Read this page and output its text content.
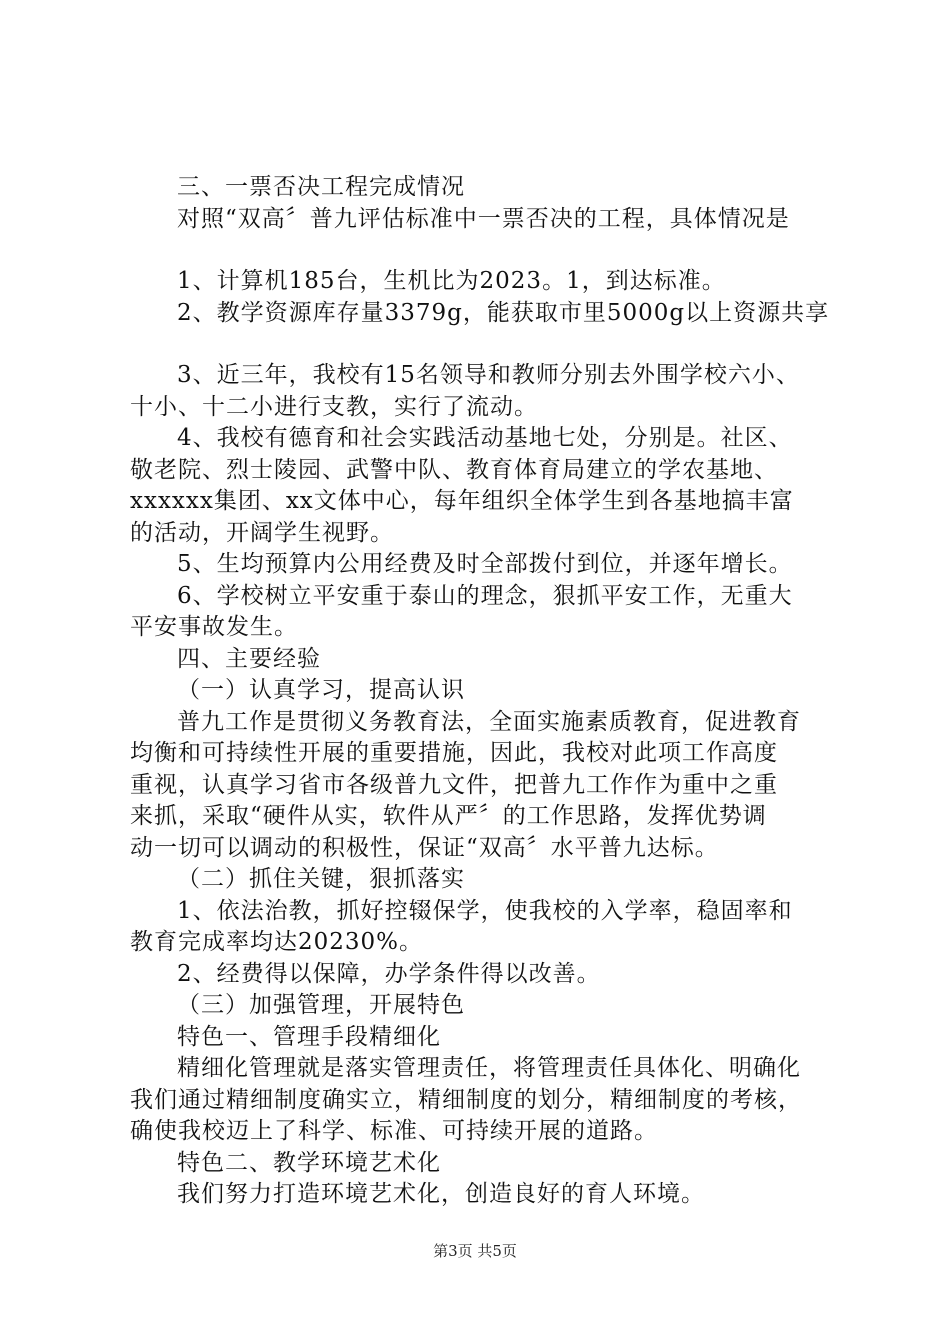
三、一票否决工程完成情况

对照“双高〞普九评估标准中一票否决的工程，具体情况是

1、计算机185台，生机比为2023。1，到达标准。

2、教学资源库存量3379g，能获取市里5000g以上资源共享

3、近三年，我校有15名领导和教师分别去外围学校六小、

十小、十二小进行支教，实行了流动。

4、我校有德育和社会实践活动基地七处，分别是。社区、

敬老院、烈士陵园、武警中队、教育体育局建立的学农基地、

xxxxxx集团、xx文体中心，每年组织全体学生到各基地搞丰富

的活动，开阔学生视野。

5、生均预算内公用经费及时全部拨付到位，并逐年增长。

6、学校树立平安重于泰山的理念，狠抓平安工作，无重大

平安事故发生。

四、主要经验

（一）认真学习，提高认识

普九工作是贯彻义务教育法，全面实施素质教育，促进教育

均衡和可持续性开展的重要措施，因此，我校对此项工作高度

重视，认真学习省市各级普九文件，把普九工作作为重中之重

来抓，采取“硬件从实，软件从严〞的工作思路，发挥优势调

动一切可以调动的积极性，保证“双高〞水平普九达标。

（二）抓住关键，狠抓落实

1、依法治教，抓好控辍保学，使我校的入学率，稳固率和

教育完成率均达20230%。

2、经费得以保障，办学条件得以改善。

（三）加强管理，开展特色

特色一、管理手段精细化

精细化管理就是落实管理责任，将管理责任具体化、明确化

我们通过精细制度确实立，精细制度的划分，精细制度的考核，

确使我校迈上了科学、标准、可持续开展的道路。

特色二、教学环境艺术化

我们努力打造环境艺术化，创造良好的育人环境。

第3页 共5页
